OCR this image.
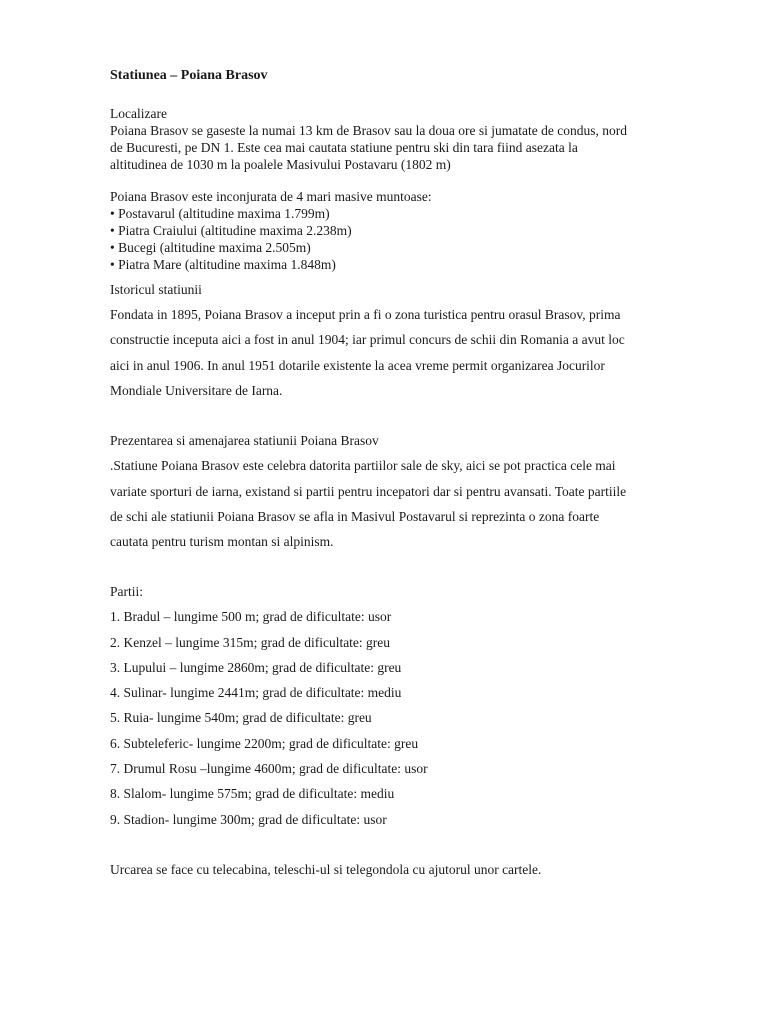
Statiunea – Poiana Brasov
Localizare
Poiana Brasov se gaseste la numai 13 km de Brasov sau la doua ore si jumatate de condus, nord
de Bucuresti, pe DN 1. Este cea mai cautata statiune pentru ski din tara fiind asezata la
altitudinea de 1030 m la poalele Masivului Postavaru (1802 m)
Poiana Brasov este inconjurata de 4 mari masive muntoase:
• Postavarul (altitudine maxima 1.799m)
• Piatra Craiului (altitudine maxima 2.238m)
• Bucegi (altitudine maxima 2.505m)
• Piatra Mare (altitudine maxima 1.848m)
Istoricul statiunii
Fondata in 1895, Poiana Brasov a inceput prin a fi o zona turistica pentru orasul Brasov, prima
constructie inceputa aici a fost in anul 1904; iar primul concurs de schii din Romania a avut loc
aici in anul 1906. In anul 1951 dotarile existente la acea vreme permit organizarea Jocurilor
Mondiale Universitare de Iarna.
Prezentarea si amenajarea statiunii Poiana Brasov
.Statiune Poiana Brasov este celebra datorita partiilor sale de sky, aici se pot practica cele mai
variate sporturi de iarna, existand si partii pentru incepatori dar si pentru avansati. Toate partiile
de schi ale statiunii Poiana Brasov se afla in Masivul Postavarul si reprezinta o zona foarte
cautata pentru turism montan si alpinism.
Partii:
1. Bradul – lungime 500 m; grad de dificultate: usor
2. Kenzel – lungime 315m; grad de dificultate: greu
3. Lupului – lungime 2860m; grad de dificultate: greu
4. Sulinar- lungime 2441m; grad de dificultate: mediu
5. Ruia- lungime 540m; grad de dificultate: greu
6. Subteleferic- lungime 2200m; grad de dificultate: greu
7. Drumul Rosu –lungime 4600m; grad de dificultate: usor
8. Slalom- lungime 575m; grad de dificultate: mediu
9. Stadion- lungime 300m; grad de dificultate: usor
Urcarea se face cu telecabina, teleschi-ul si telegondola cu ajutorul unor cartele.
